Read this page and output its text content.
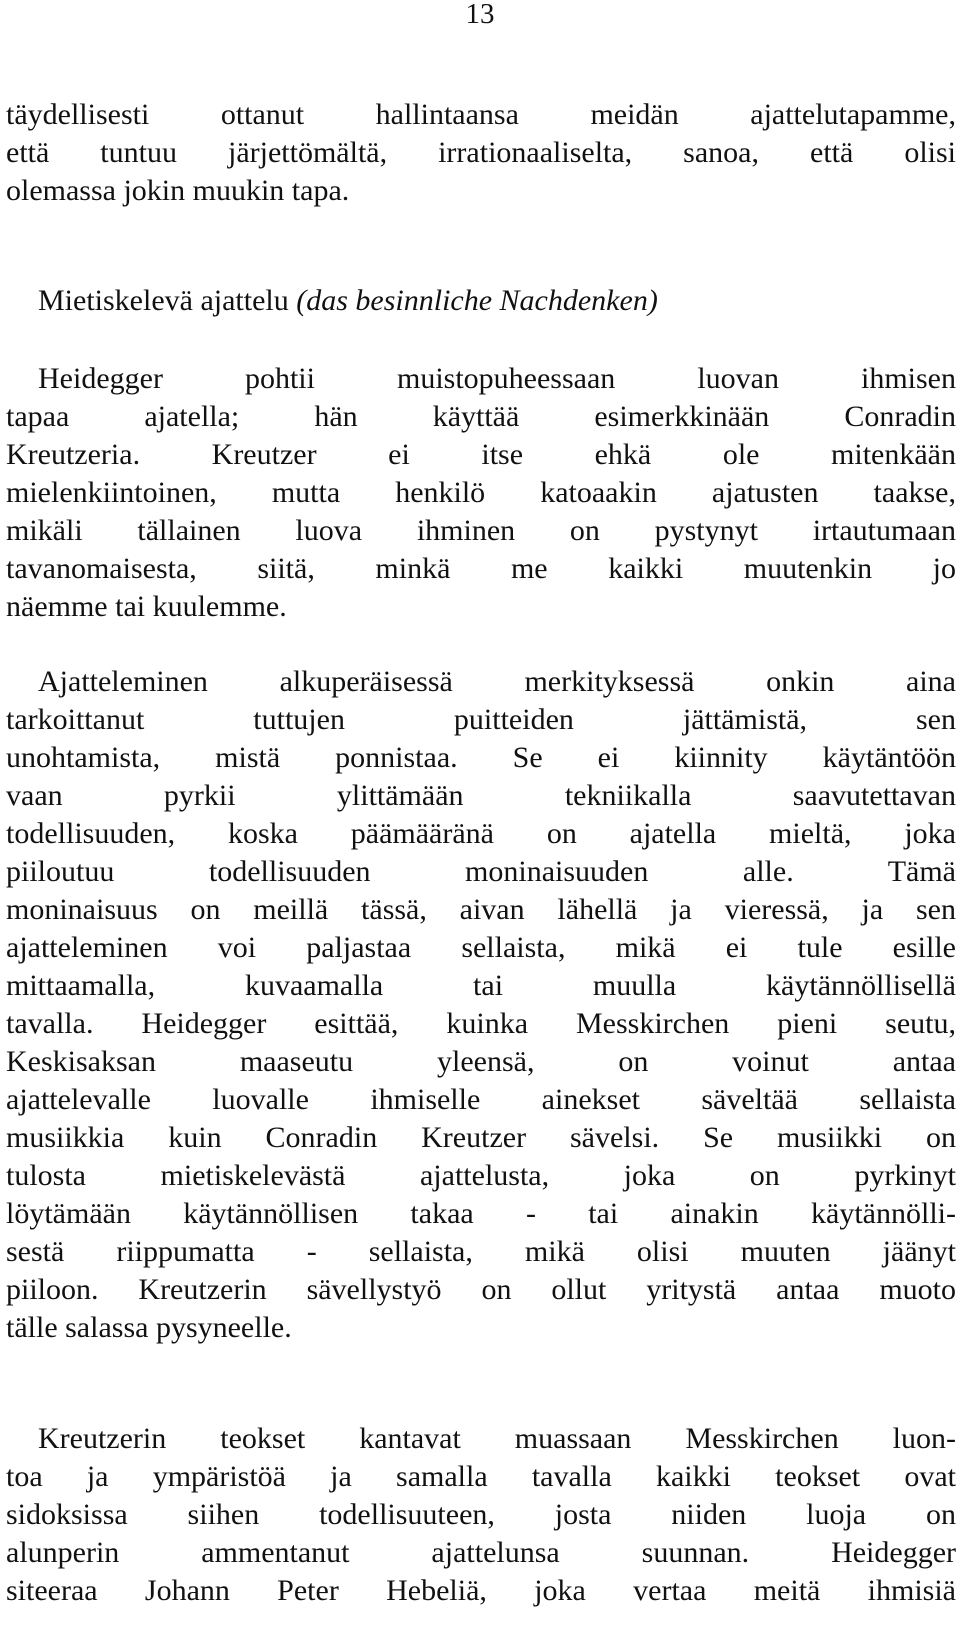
13
täydellisesti ottanut hallintaansa meidän ajattelutapamme,
että tuntuu järjettömältä, irrationaaliselta, sanoa, että olisi
olemassa jokin muukin tapa.
Mietiskelevä ajattelu (das besinnliche Nachdenken)
Heidegger pohtii muistopuheessaan luovan ihmisen
tapaa ajatella; hän käyttää esimerkkinään Conradin
Kreutzeria. Kreutzer ei itse ehkä ole mitenkään
mielenkiintoinen, mutta henkilö katoaakin ajatusten taakse,
mikäli tällainen luova ihminen on pystynyt irtautumaan
tavanomaisesta, siitä, minkä me kaikki muutenkin jo
näemme tai kuulemme.
Ajatteleminen alkuperäisessä merkityksessä onkin aina
tarkoittanut tuttujen puitteiden jättämistä, sen
unohtamista, mistä ponnistaa. Se ei kiinnity käytäntöön
vaan pyrkii ylittämään tekniikalla saavutettavan
todellisuuden, koska päämääränä on ajatella mieltä, joka
piiloutuu todellisuuden moninaisuuden alle. Tämä
moninaisuus on meillä tässä, aivan lähellä ja vieressä, ja sen
ajatteleminen voi paljastaa sellaista, mikä ei tule esille
mittaamalla, kuvaamalla tai muulla käytännöllisellä
tavalla. Heidegger esittää, kuinka Messkirchen pieni seutu,
Keskisaksan maaseutu yleensä, on voinut antaa
ajattelevalle luovalle ihmiselle ainekset säveltää sellaista
musiikkia kuin Conradin Kreutzer sävelsi. Se musiikki on
tulosta mietiskelevästä ajattelusta, joka on pyrkinyt
löytämään käytännöllisen takaa - tai ainakin käytännölli-
sestä riippumatta - sellaista, mikä olisi muuten jäänyt
piiloon. Kreutzerin sävellystyö on ollut yritystä antaa muoto
tälle salassa pysyneelle.
Kreutzerin teokset kantavat muassaan Messkirchen luon-
toa ja ympäristöä ja samalla tavalla kaikki teokset ovat
sidoksissa siihen todellisuuteen, josta niiden luoja on
alunperin ammentanut ajattelunsa suunnan. Heidegger
siteeraa Johann Peter Hebeliä, joka vertaa meitä ihmisiä
